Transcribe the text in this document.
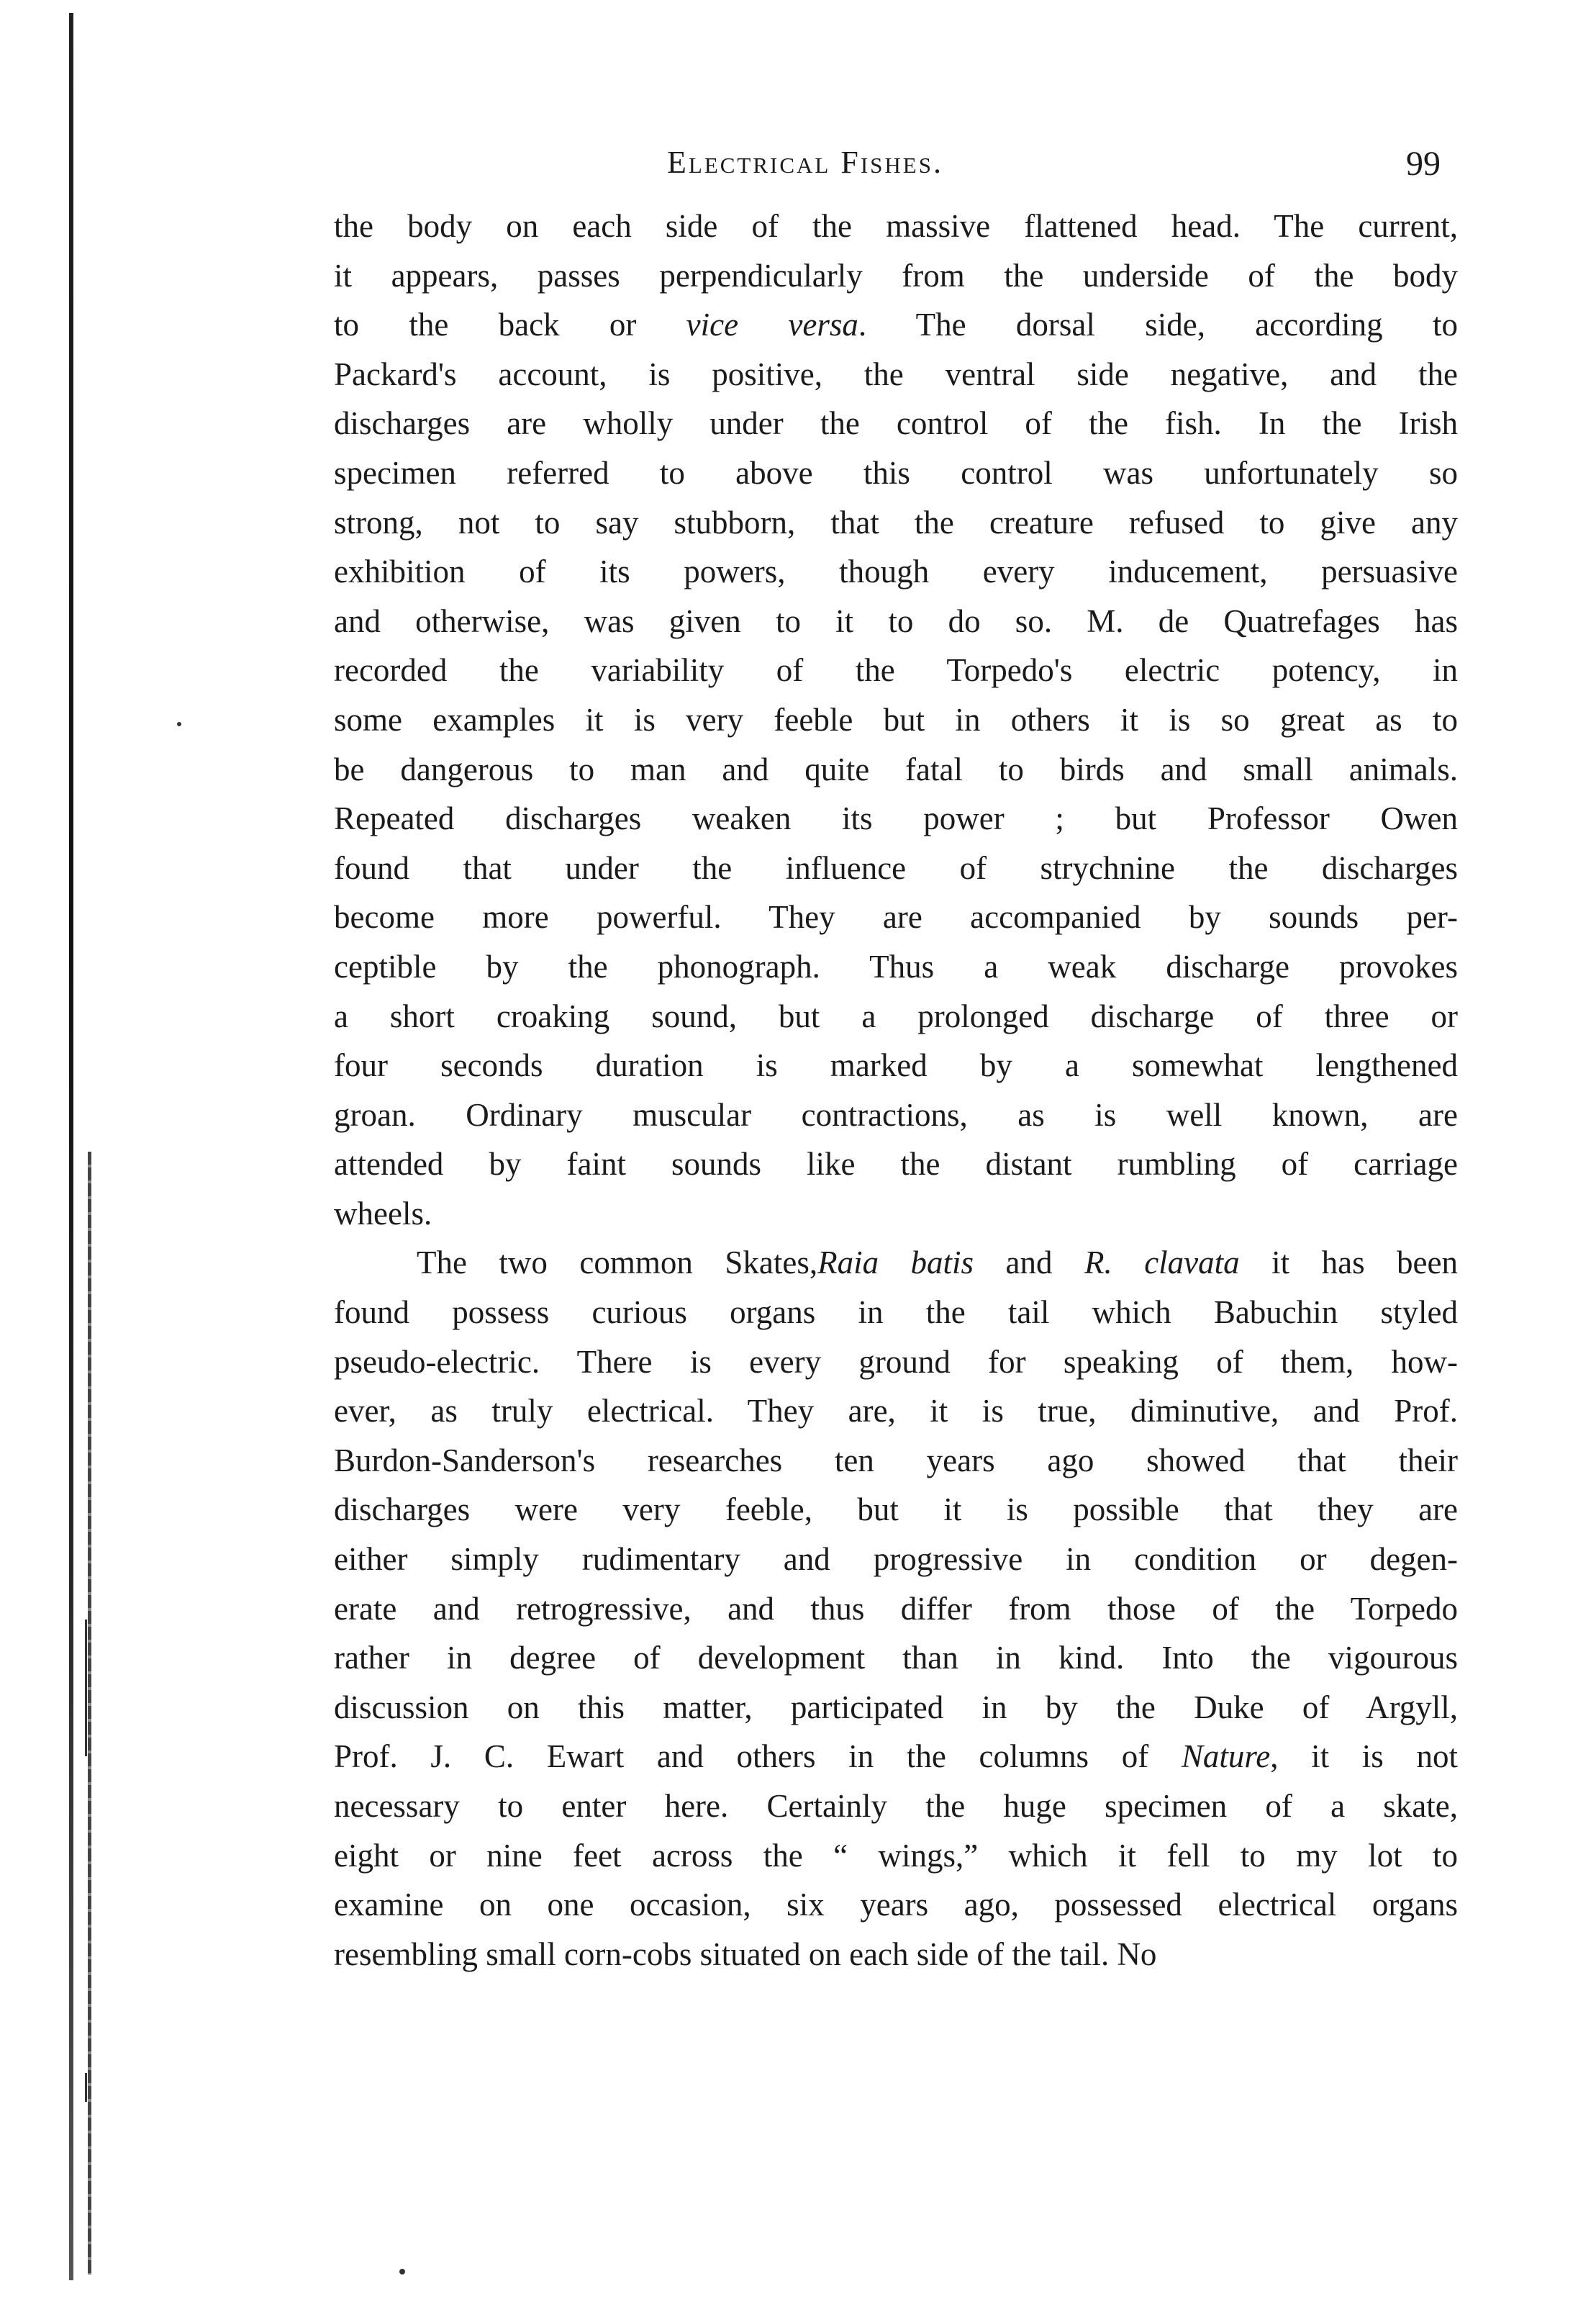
Electrical Fishes.	99
the body on each side of the massive flattened head. The current,
it appears, passes perpendicularly from the underside of the body
to the back or vice versa. The dorsal side, according to
Packard's account, is positive, the ventral side negative, and the
discharges are wholly under the control of the fish. In the Irish
specimen referred to above this control was unfortunately so
strong, not to say stubborn, that the creature refused to give any
exhibition of its powers, though every inducement, persuasive
and otherwise, was given to it to do so. M. de Quatrefages has
recorded the variability of the Torpedo's electric potency, in
some examples it is very feeble but in others it is so great as to
be dangerous to man and quite fatal to birds and small animals.
Repeated discharges weaken its power ; but Professor Owen
found that under the influence of strychnine the discharges
become more powerful. They are accompanied by sounds per-
ceptible by the phonograph. Thus a weak discharge provokes
a short croaking sound, but a prolonged discharge of three or
four seconds duration is marked by a somewhat lengthened
groan. Ordinary muscular contractions, as is well known, are
attended by faint sounds like the distant rumbling of carriage
wheels.
The two common Skates,Raia batis and R. clavata it has been
found possess curious organs in the tail which Babuchin styled
pseudo-electric. There is every ground for speaking of them, how-
ever, as truly electrical. They are, it is true, diminutive, and Prof.
Burdon-Sanderson's researches ten years ago showed that their
discharges were very feeble, but it is possible that they are
either simply rudimentary and progressive in condition or degen-
erate and retrogressive, and thus differ from those of the Torpedo
rather in degree of development than in kind. Into the vigourous
discussion on this matter, participated in by the Duke of Argyll,
Prof. J. C. Ewart and others in the columns of Nature, it is not
necessary to enter here. Certainly the huge specimen of a skate,
eight or nine feet across the “ wings,” which it fell to my lot to
examine on one occasion, six years ago, possessed electrical organs
resembling small corn-cobs situated on each side of the tail. No
